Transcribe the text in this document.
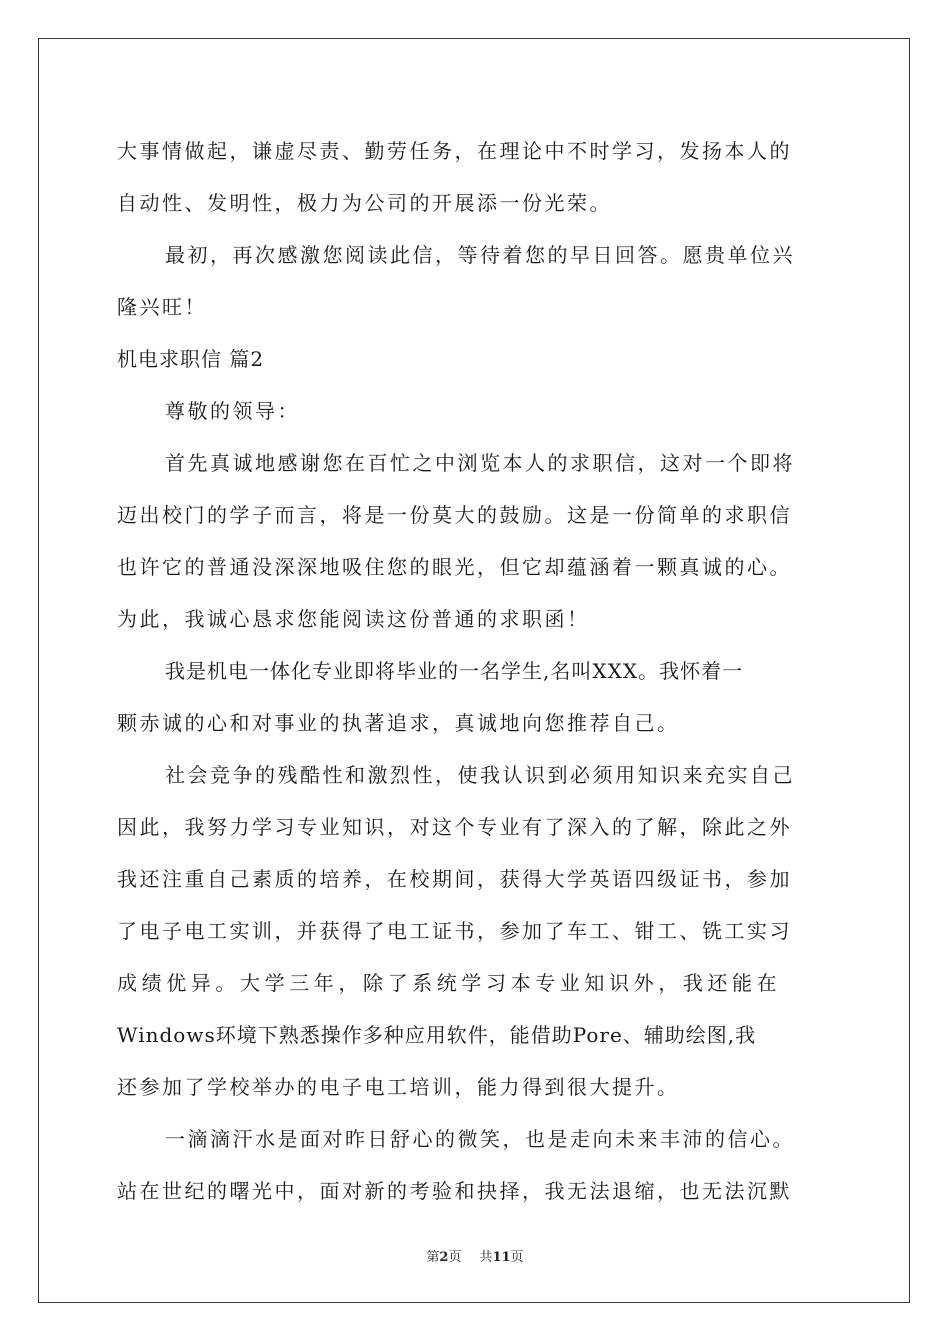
大事情做起，谦虚尽责、勤劳任务，在理论中不时学习，发扬本人的
自动性、发明性，极力为公司的开展添一份光荣。
最初，再次感激您阅读此信，等待着您的早日回答。愿贵单位兴
隆兴旺！
机电求职信 篇2
尊敬的领导：
首先真诚地感谢您在百忙之中浏览本人的求职信，这对一个即将
迈出校门的学子而言，将是一份莫大的鼓励。这是一份简单的求职信
也许它的普通没深深地吸住您的眼光，但它却蕴涵着一颗真诚的心。
为此，我诚心恳求您能阅读这份普通的求职函！
我是机电一体化专业即将毕业的一名学生,名叫XXX。我怀着一
颗赤诚的心和对事业的执著追求，真诚地向您推荐自己。
社会竞争的残酷性和激烈性，使我认识到必须用知识来充实自己
因此，我努力学习专业知识，对这个专业有了深入的了解，除此之外
我还注重自己素质的培养，在校期间，获得大学英语四级证书，参加
了电子电工实训，并获得了电工证书，参加了车工、钳工、铣工实习
成绩优异。大学三年，除了系统学习本专业知识外，我还能在
Windows环境下熟悉操作多种应用软件，能借助Pore、辅助绘图,我
还参加了学校举办的电子电工培训，能力得到很大提升。
一滴滴汗水是面对昨日舒心的微笑，也是走向未来丰沛的信心。
站在世纪的曙光中，面对新的考验和抉择，我无法退缩，也无法沉默
第2页 共11页
